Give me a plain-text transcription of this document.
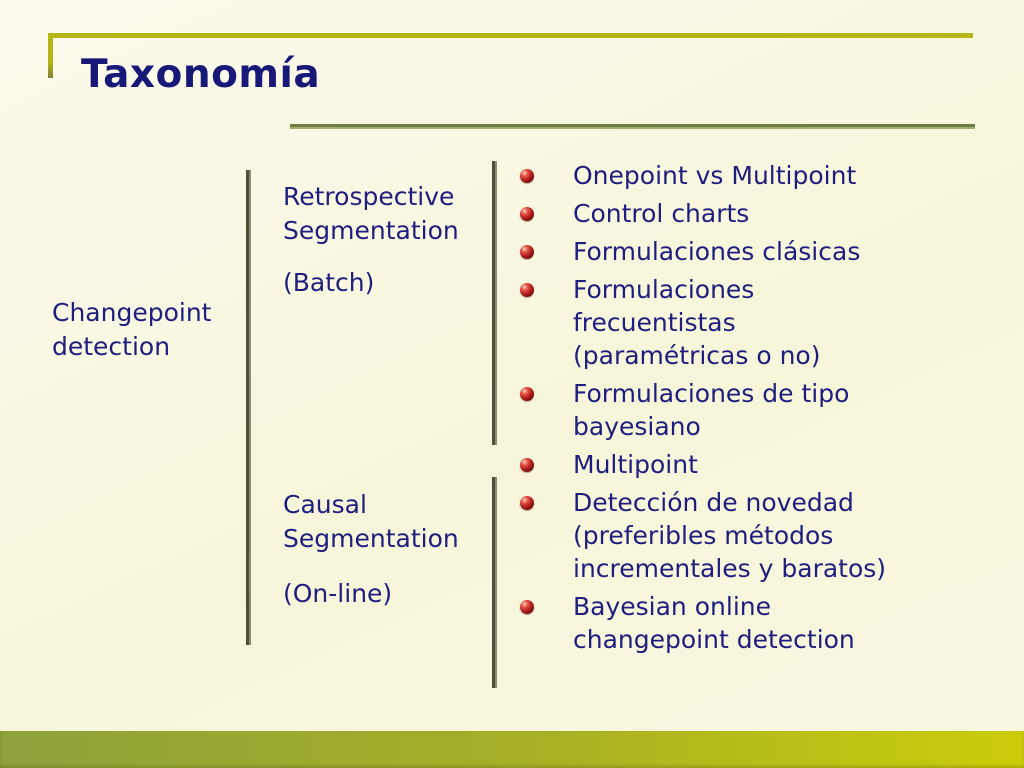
Taxonomía
Changepoint detection
Retrospective Segmentation
(Batch)
Causal Segmentation
(On-line)
Onepoint vs Multipoint
Control charts
Formulaciones clásicas
Formulaciones frecuentistas (paramétricas o no)
Formulaciones de tipo bayesiano
Multipoint
Detección de novedad (preferibles métodos incrementales y baratos)
Bayesian online changepoint detection
